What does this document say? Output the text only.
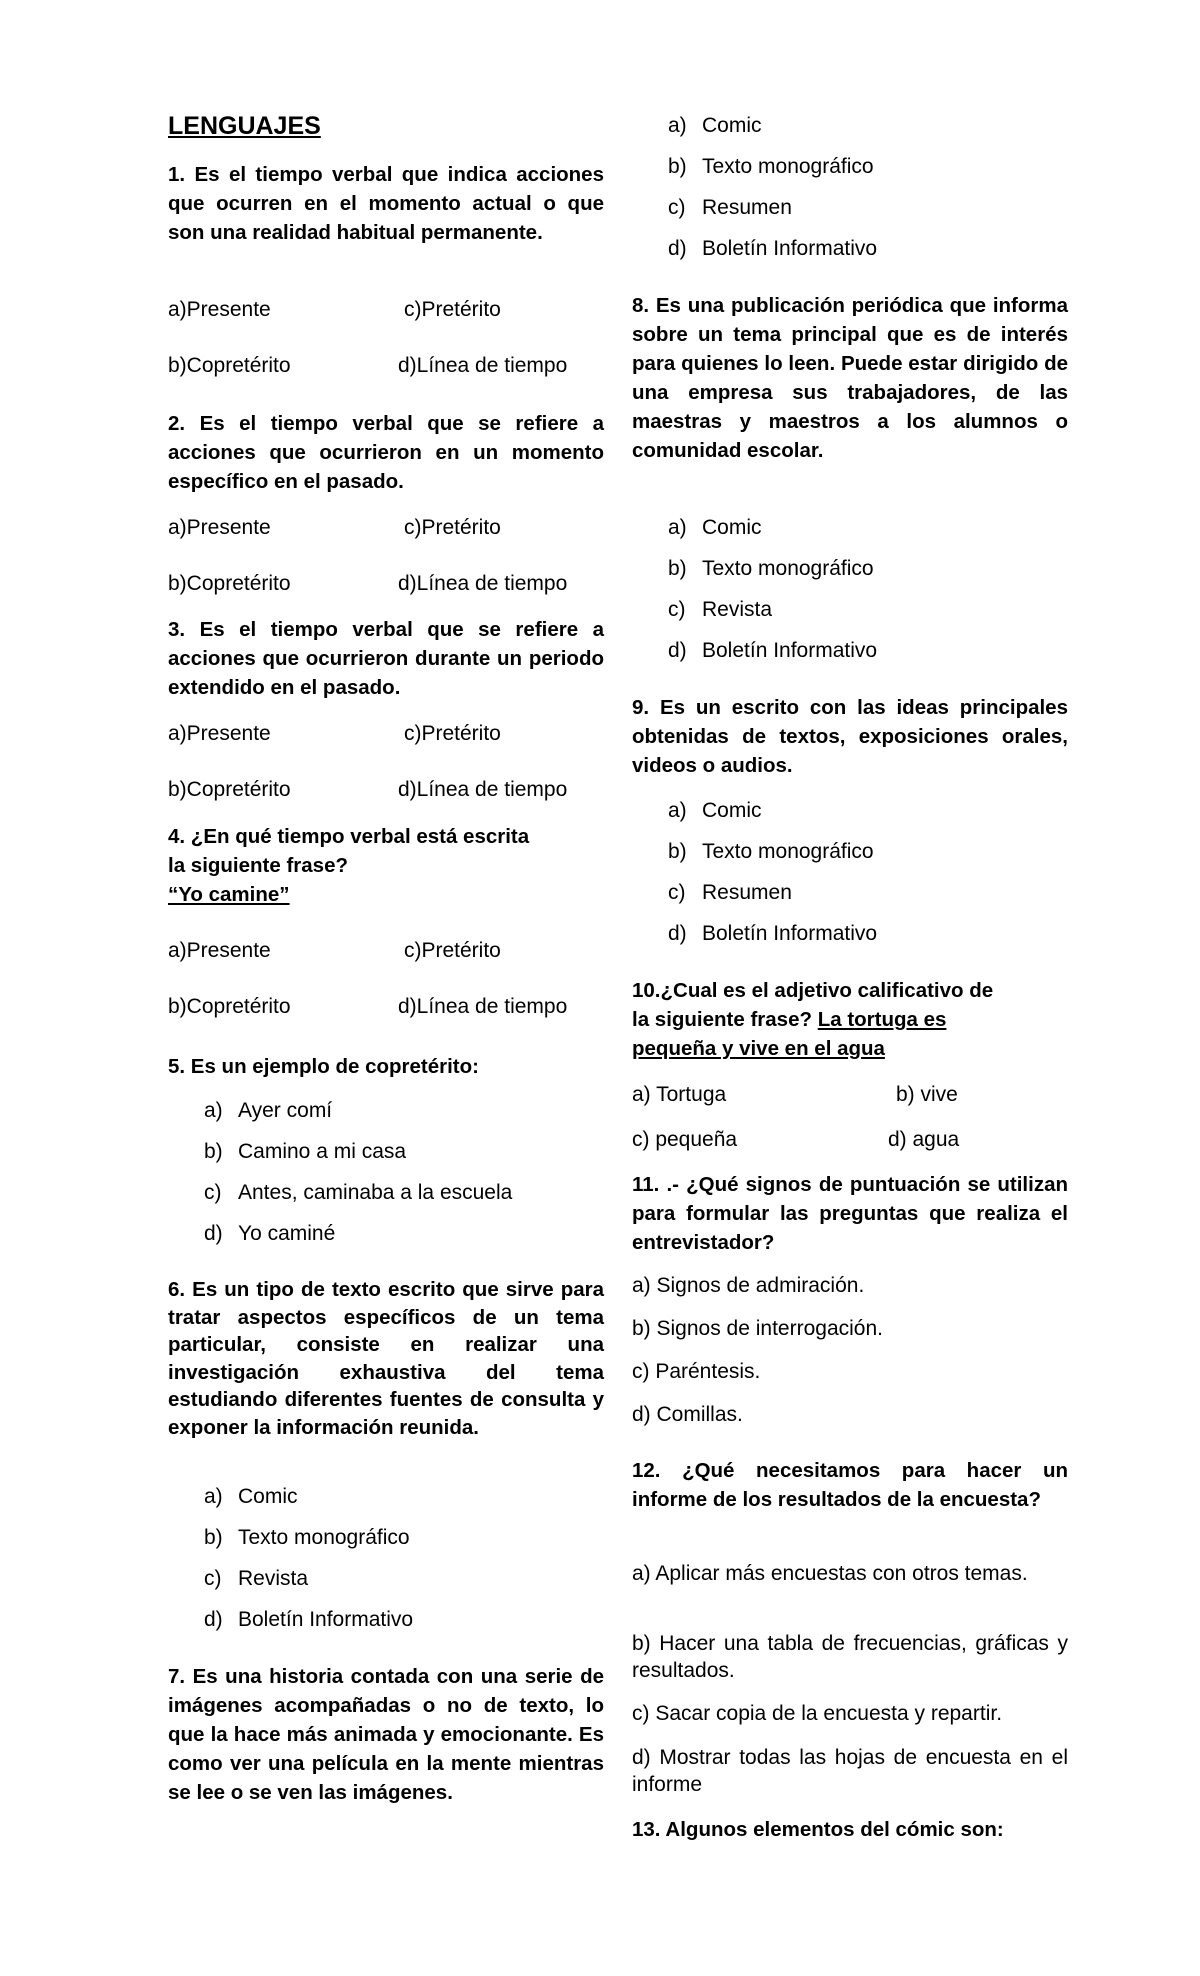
LENGUAJES

1. Es el tiempo verbal que indica acciones que ocurren en el momento actual o que son una realidad habitual permanente.

a)Presente	c)Pretérito
b)Copretérito	d)Línea de tiempo

2. Es el tiempo verbal que se refiere a acciones que ocurrieron en un momento específico en el pasado.

a)Presente	c)Pretérito
b)Copretérito	d)Línea de tiempo

3. Es el tiempo verbal que se refiere a acciones que ocurrieron durante un periodo extendido en el pasado.

a)Presente	c)Pretérito
b)Copretérito	d)Línea de tiempo
4. ¿En qué tiempo verbal está escrita
la siguiente frase?
“Yo camine”
a)Presente	c)Pretérito
b)Copretérito	d)Línea de tiempo

5. Es un ejemplo de copretérito:

a) Ayer comí
b) Camino a mi casa
c) Antes, caminaba a la escuela
d) Yo caminé

6. Es un tipo de texto escrito que sirve para tratar aspectos específicos de un tema particular, consiste en realizar una investigación exhaustiva del tema estudiando diferentes fuentes de consulta y exponer la información reunida.

a) Comic
b) Texto monográfico
c) Revista
d) Boletín Informativo

7. Es una historia contada con una serie de imágenes acompañadas o no de texto, lo que la hace más animada y emocionante. Es como ver una película en la mente mientras se lee o se ven las imágenes.

a) Comic
b) Texto monográfico
c) Resumen
d) Boletín Informativo

8. Es una publicación periódica que informa sobre un tema principal que es de interés para quienes lo leen. Puede estar dirigido de una empresa sus trabajadores, de las maestras y maestros a los alumnos o comunidad escolar.

a) Comic
b) Texto monográfico
c) Revista
d) Boletín Informativo

9. Es un escrito con las ideas principales obtenidas de textos, exposiciones orales, videos o audios.

a) Comic
b) Texto monográfico
c) Resumen
d) Boletín Informativo
10.¿Cual es el adjetivo calificativo de
la siguiente frase? La tortuga es
pequeña y vive en el agua
a) Tortuga	b) vive
c) pequeña	d) agua

11. .- ¿Qué signos de puntuación se utilizan para formular las preguntas que realiza el entrevistador?

a) Signos de admiración.
b) Signos de interrogación.
c) Paréntesis.
d) Comillas.

12. ¿Qué necesitamos para hacer un informe de los resultados de la encuesta?

a) Aplicar más encuestas con otros temas.
b) Hacer una tabla de frecuencias, gráficas y resultados.
c) Sacar copia de la encuesta y repartir.
d) Mostrar todas las hojas de encuesta en el informe

13. Algunos elementos del cómic son:
